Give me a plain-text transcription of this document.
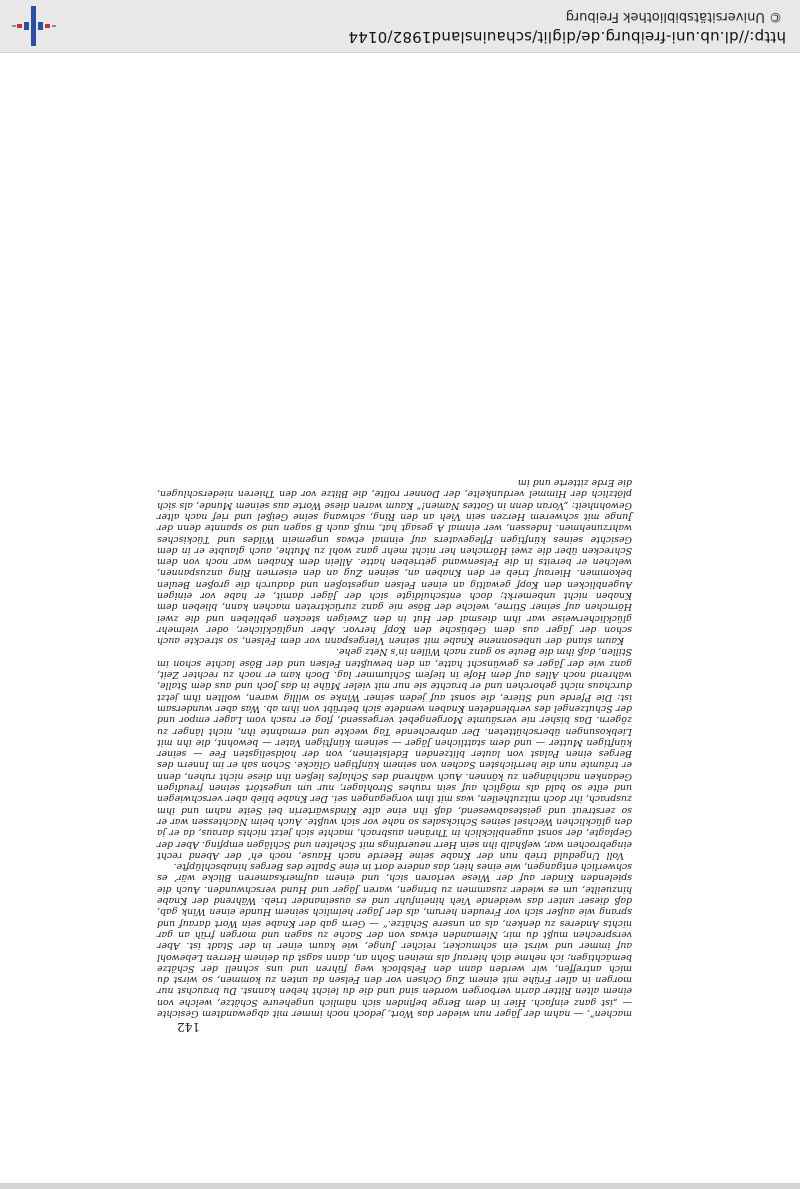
machen“, — nahm der Jäger nun wieder das Wort, jedoch noch immer mit abgewandtem Gesichte — „ist ganz einfach. Hier in dem Berge befinden sich nämlich ungeheure Schätze, welche von einem alten Ritter darin verborgen worden sind und die du leicht heben kannst. Du brauchst nur morgen in aller Frühe mit einem Zug Ochsen vor den Felsen da unten zu kommen, so wirst du mich antreffen, wir werden dann den Felsblock weg führen und uns schnell der Schätze bemächtigen; ich nehme dich hierauf als meinen Sohn an, dann sagst du deinem Herren Lebewohl auf immer und wirst ein schmucker, reicher Junge, wie kaum einer in der Stadt ist. Aber versprechen mußt du mir, Niemanden etwas von der Sache zu sagen und morgen früh an gar nichts Anderes zu denken, als an unsere Schätze.“ — Gern gab der Knabe sein Wort darauf und sprang wie außer sich vor Freuden herum, als der Jäger heimlich seinem Hunde einen Wink gab, daß dieser unter das weidende Vieh hineinfuhr und es auseinander trieb. Während der Knabe hinzueilte, um es wieder zusammen zu bringen, waren Jäger und Hund verschwunden. Auch die spielenden Kinder auf der Wiese verloren sich, und einem aufmerksameren Blicke wär’ es schwerlich entgangen, wie eines hier, das andere dort in eine Spalte des Berges hinabschlüpfte.

Voll Ungeduld trieb nun der Knabe seine Heerde nach Hause, noch eh’ der Abend recht eingebrochen war, weßhalb ihn sein Herr neuerdings mit Schelten und Schlägen empfing. Aber der Geplagte, der sonst augenblicklich in Thränen ausbrach, machte sich jetzt nichts daraus, da er ja den glücklichen Wechsel seines Schicksales so nahe vor sich wußte. Auch beim Nachtessen war er so zerstreut und geistesabwesend, daß ihn eine alte Kindswärterin bei Seite nahm und ihm zusprach, ihr doch mitzutheilen, was mit ihm vorgegangen sei. Der Knabe blieb aber verschwiegen und eilte so bald als möglich auf sein rauhes Strohlager, nur um ungestört seinen freudigen Gedanken nachhängen zu können. Auch während des Schlafes ließen ihn diese nicht ruhen, denn er träumte nun die herrlichsten Sachen von seinem künftigen Glücke. Schon sah er im Innern des Berges einen Palast von lauter blitzenden Edelsteinen, von der holdseligsten Fee — seiner künftigen Mutter — und dem stattlichen Jäger — seinem künftigen Vater — bewohnt, die ihn mit Liebkosungen überschütteten. Der anbrechende Tag weckte und ermahnte ihn, nicht länger zu zögern. Das bisher nie versäumte Morgengebet vergessend, flog er rasch vom Lager empor und der Schutzengel des verblendeten Knaben wendete sich betrübt von ihm ab. Was aber wundersam ist: Die Pferde und Stiere, die sonst auf jeden seiner Winke so willig waren, wollten ihm jetzt durchaus nicht gehorchen und er brachte sie nur mit vieler Mühe in das Joch und aus dem Stalle, während noch Alles auf dem Hofe in tiefem Schlummer lag. Doch kam er noch zu rechter Zeit, ganz wie der Jäger es gewünscht hatte, an den bewußten Felsen und der Böse lachte schon im Stillen, daß ihm die Beute so ganz nach Willen in’s Netz gehe.

Kaum stand der unbesonnene Knabe mit seinen Viergespann vor dem Felsen, so streckte auch schon der Jäger aus dem Gebüsche den Kopf hervor. Aber unglücklicher, oder vielmehr glücklicherweise war ihm diesmal der Hut in den Zweigen stecken geblieben und die zwei Hörnchen auf seiner Stirne, welche der Böse nie ganz zurücktreten machen kann, blieben dem Knaben nicht unbemerkt; doch entschuldigte sich der Jäger damit, er habe vor einigen Augenblicken den Kopf gewaltig an einen Felsen angestoßen und dadurch die großen Beulen bekommen. Hierauf trieb er den Knaben an, seinen Zug an den eisernen Ring anzuspannen, welchen er bereits in die Felsenwand getrieben hatte. Allein dem Knaben war noch von dem Schrecken über die zwei Hörnchen her nicht mehr ganz wohl zu Muthe, auch glaubte er in dem Gesichte seines künftigen Pflegevaters auf einmal etwas ungemein Wildes und Tückisches wahrzunehmen. Indessen, wer einmal A gesagt hat, muß auch B sagen und so spannte denn der Junge mit schwerem Herzen sein Vieh an den Ring, schwang seine Geißel und rief nach alter Gewohnheit: „Voran denn in Gottes Namen!“ Kaum waren diese Worte aus seinem Munde, als sich plötzlich der Himmel verdunkelte, der Donner rollte, die Blitze vor den Thieren niederschlugen, die Erde zitterte und im

142
http://dl.ub.uni-freiburg.de/diglit/schauinsland1982/0144
© Universitätsbibliothek Freiburg
